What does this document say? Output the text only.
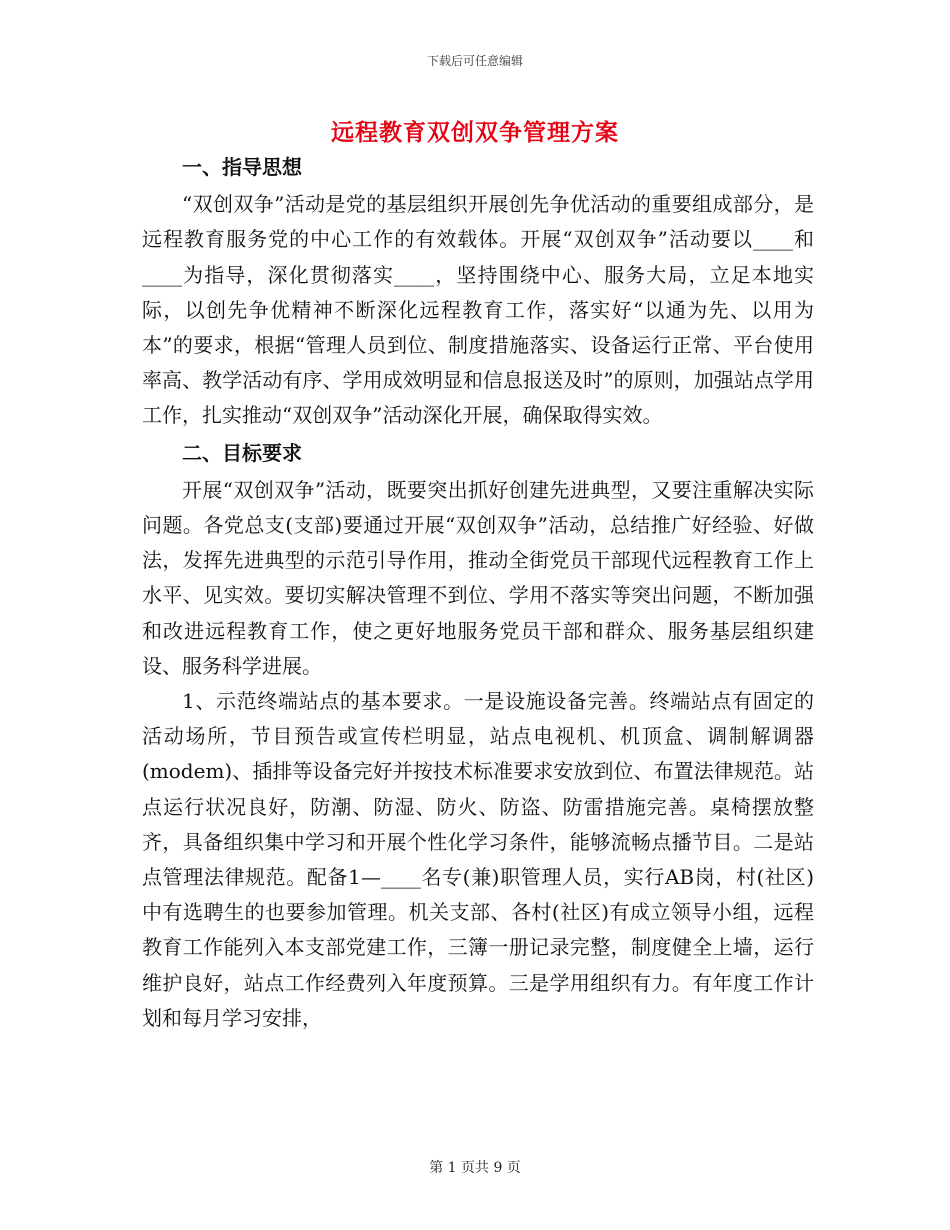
下载后可任意编辑
远程教育双创双争管理方案
一、指导思想

“双创双争”活动是党的基层组织开展创先争优活动的重要组成部分，是远程教育服务党的中心工作的有效载体。开展“双创双争”活动要以____和____为指导，深化贯彻落实____，坚持围绕中心、服务大局，立足本地实际，以创先争优精神不断深化远程教育工作，落实好“以通为先、以用为本”的要求，根据“管理人员到位、制度措施落实、设备运行正常、平台使用率高、教学活动有序、学用成效明显和信息报送及时”的原则，加强站点学用工作，扎实推动“双创双争”活动深化开展，确保取得实效。

二、目标要求

开展“双创双争”活动，既要突出抓好创建先进典型，又要注重解决实际问题。各党总支(支部)要通过开展“双创双争”活动，总结推广好经验、好做法，发挥先进典型的示范引导作用，推动全街党员干部现代远程教育工作上水平、见实效。要切实解决管理不到位、学用不落实等突出问题，不断加强和改进远程教育工作，使之更好地服务党员干部和群众、服务基层组织建设、服务科学进展。

1、示范终端站点的基本要求。一是设施设备完善。终端站点有固定的活动场所，节目预告或宣传栏明显，站点电视机、机顶盒、调制解调器(modem)、插排等设备完好并按技术标准要求安放到位、布置法律规范。站点运行状况良好，防潮、防湿、防火、防盗、防雷措施完善。桌椅摆放整齐，具备组织集中学习和开展个性化学习条件，能够流畅点播节目。二是站点管理法律规范。配备1—____名专(兼)职管理人员，实行AB岗，村(社区)中有选聘生的也要参加管理。机关支部、各村(社区)有成立领导小组，远程教育工作能列入本支部党建工作，三簿一册记录完整，制度健全上墙，运行维护良好，站点工作经费列入年度预算。三是学用组织有力。有年度工作计划和每月学习安排，

第 1 页共 9 页
